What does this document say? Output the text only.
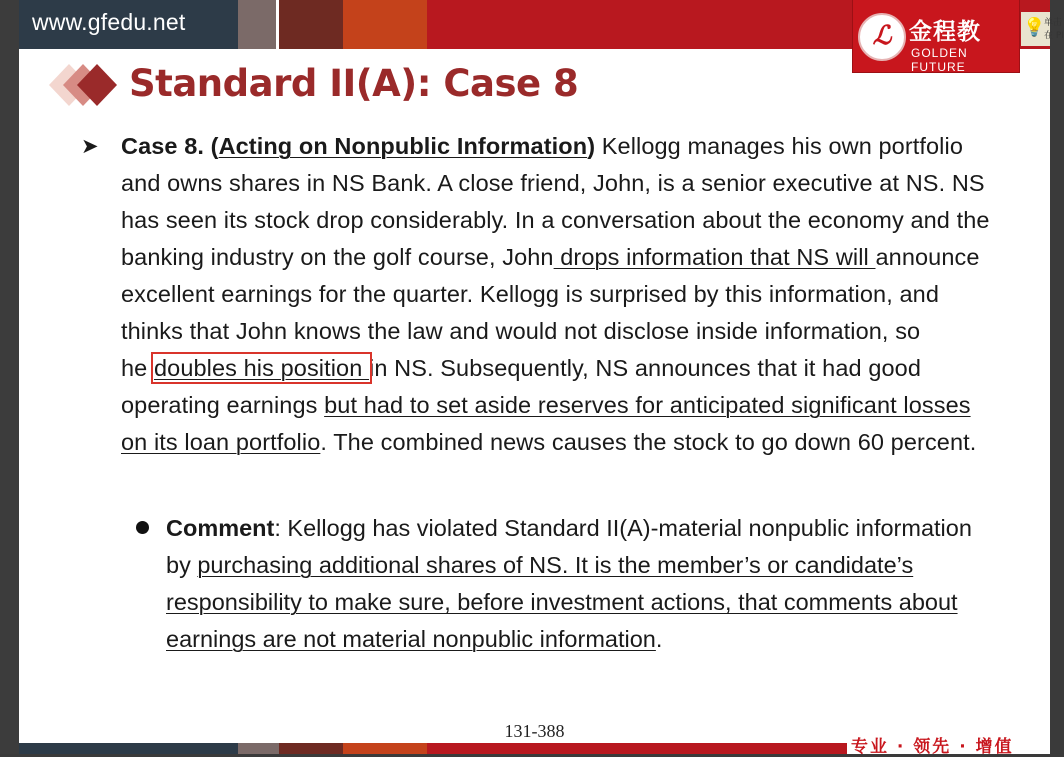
www.gfedu.net	ℒ 金程教
GOLDEN FUTURE
💡
单击
在 PI
Standard II(A): Case 8
➤ Case 8. (Acting on Nonpublic Information) Kellogg manages his own portfolio and owns shares in NS Bank. A close friend, John, is a senior executive at NS. NS has seen its stock drop considerably. In a conversation about the economy and the banking industry on the golf course, John drops information that NS will announce excellent earnings for the quarter. Kellogg is surprised by this information, and thinks that John knows the law and would not disclose inside information, so he doubles his position in NS. Subsequently, NS announces that it had good operating earnings but had to set aside reserves for anticipated significant losses on its loan portfolio. The combined news causes the stock to go down 60 percent.
Comment: Kellogg has violated Standard II(A)-material nonpublic information by purchasing additional shares of NS. It is the member’s or candidate’s responsibility to make sure, before investment actions, that comments about earnings are not material nonpublic information.
131-388
专业 · 领先 · 增值
